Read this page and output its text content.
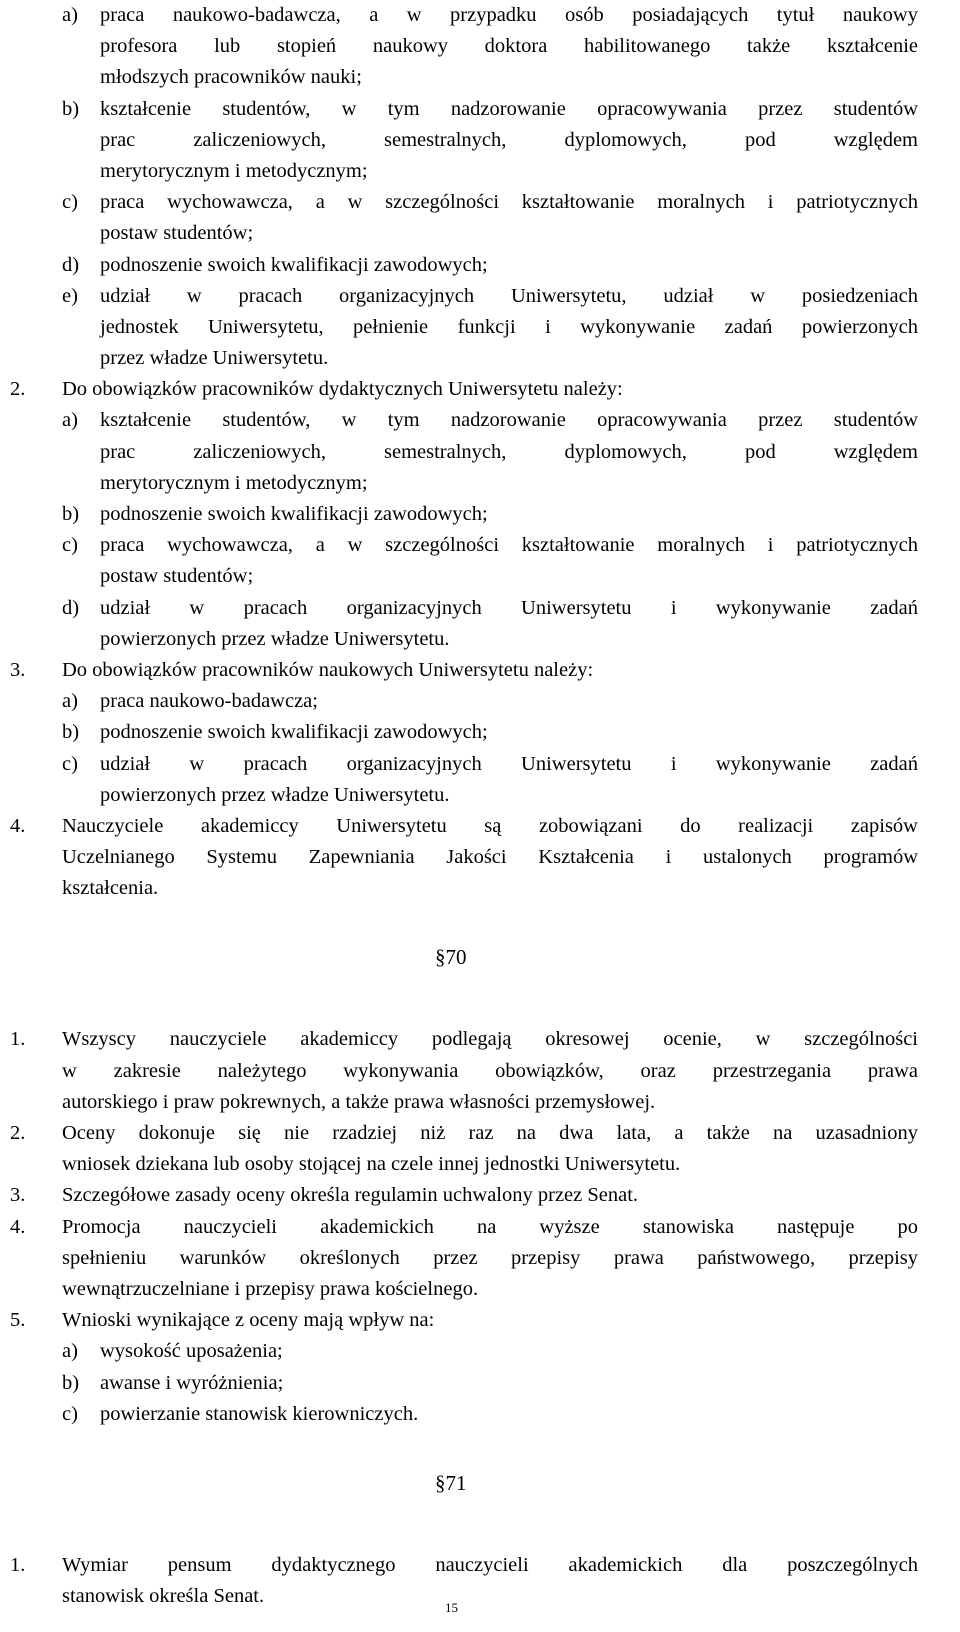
a) praca naukowo-badawcza, a w przypadku osób posiadających tytuł naukowy
profesora lub stopień naukowy doktora habilitowanego także kształcenie
młodszych pracowników nauki;
b) kształcenie studentów, w tym nadzorowanie opracowywania przez studentów
prac zaliczeniowych, semestralnych, dyplomowych, pod względem
merytorycznym i metodycznym;
c) praca wychowawcza, a w szczególności kształtowanie moralnych i patriotycznych
postaw studentów;
d) podnoszenie swoich kwalifikacji zawodowych;
e) udział w pracach organizacyjnych Uniwersytetu, udział w posiedzeniach
jednostek Uniwersytetu, pełnienie funkcji i wykonywanie zadań powierzonych
przez władze Uniwersytetu.
2. Do obowiązków pracowników dydaktycznych Uniwersytetu należy:
a) kształcenie studentów, w tym nadzorowanie opracowywania przez studentów
prac zaliczeniowych, semestralnych, dyplomowych, pod względem
merytorycznym i metodycznym;
b) podnoszenie swoich kwalifikacji zawodowych;
c) praca wychowawcza, a w szczególności kształtowanie moralnych i patriotycznych
postaw studentów;
d) udział w pracach organizacyjnych Uniwersytetu i wykonywanie zadań
powierzonych przez władze Uniwersytetu.
3. Do obowiązków pracowników naukowych Uniwersytetu należy:
a) praca naukowo-badawcza;
b) podnoszenie swoich kwalifikacji zawodowych;
c) udział w pracach organizacyjnych Uniwersytetu i wykonywanie zadań
powierzonych przez władze Uniwersytetu.
4. Nauczyciele akademiccy Uniwersytetu są zobowiązani do realizacji zapisów
Uczelnianego Systemu Zapewniania Jakości Kształcenia i ustalonych programów
kształcenia.
§70
1. Wszyscy nauczyciele akademiccy podlegają okresowej ocenie, w szczególności
w zakresie należytego wykonywania obowiązków, oraz przestrzegania prawa
autorskiego i praw pokrewnych, a także prawa własności przemysłowej.
2. Oceny dokonuje się nie rzadziej niż raz na dwa lata, a także na uzasadniony
wniosek dziekana lub osoby stojącej na czele innej jednostki Uniwersytetu.
3. Szczegółowe zasady oceny określa regulamin uchwalony przez Senat.
4. Promocja nauczycieli akademickich na wyższe stanowiska następuje po
spełnieniu warunków określonych przez przepisy prawa państwowego, przepisy
wewnątrzuczelniane i przepisy prawa kościelnego.
5. Wnioski wynikające z oceny mają wpływ na:
a) wysokość uposażenia;
b) awanse i wyróżnienia;
c) powierzanie stanowisk kierowniczych.
§71
1. Wymiar pensum dydaktycznego nauczycieli akademickich dla poszczególnych
stanowisk określa Senat.
15
